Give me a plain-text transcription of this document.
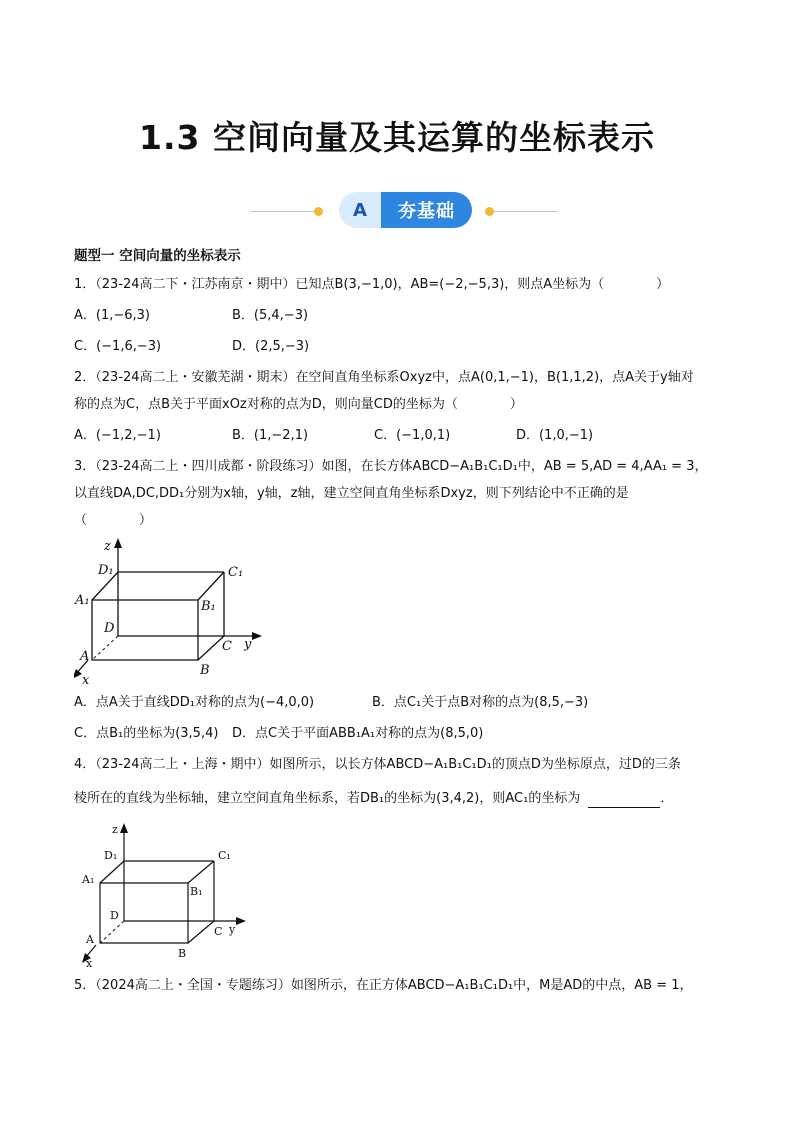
1.3 空间向量及其运算的坐标表示
A	夯基础
题型一 空间向量的坐标表示
1．（23-24高二下・江苏南京・期中）已知点B(3,−1,0)，AB=(−2,−5,3)，则点A坐标为（　　　　）
A．(1,−6,3)	B．(5,4,−3)
C．(−1,6,−3)	D．(2,5,−3)
2．（23-24高二上・安徽芜湖・期末）在空间直角坐标系Oxyz中，点A(0,1,−1)，B(1,1,2)，点A关于y轴对
称的点为C，点B关于平面xOz对称的点为D，则向量CD的坐标为（　　　　）
A．(−1,2,−1)	B．(1,−2,1)	C．(−1,0,1)	D．(1,0,−1)
3．（23-24高二上・四川成都・阶段练习）如图，在长方体ABCD−A₁B₁C₁D₁中，AB = 5,AD = 4,AA₁ = 3，
以直线DA,DC,DD₁分别为x轴，y轴，z轴，建立空间直角坐标系Dxyz，则下列结论中不正确的是
（　　　　）
z
D₁	C₁
A₁	B₁
D
C y
A
B
x
A．点A关于直线DD₁对称的点为(−4,0,0)	B．点C₁关于点B对称的点为(8,5,−3)
C．点B₁的坐标为(3,5,4)	D．点C关于平面ABB₁A₁对称的点为(8,5,0)
4．（23-24高二上・上海・期中）如图所示，以长方体ABCD−A₁B₁C₁D₁的顶点D为坐标原点，过D的三条
棱所在的直线为坐标轴，建立空间直角坐标系，若DB₁的坐标为(3,4,2)，则AC₁的坐标为	．
z
D₁	C₁
A₁
B₁
D
C y
A
B
x
5．（2024高二上・全国・专题练习）如图所示，在正方体ABCD−A₁B₁C₁D₁中，M是AD的中点，AB = 1，
